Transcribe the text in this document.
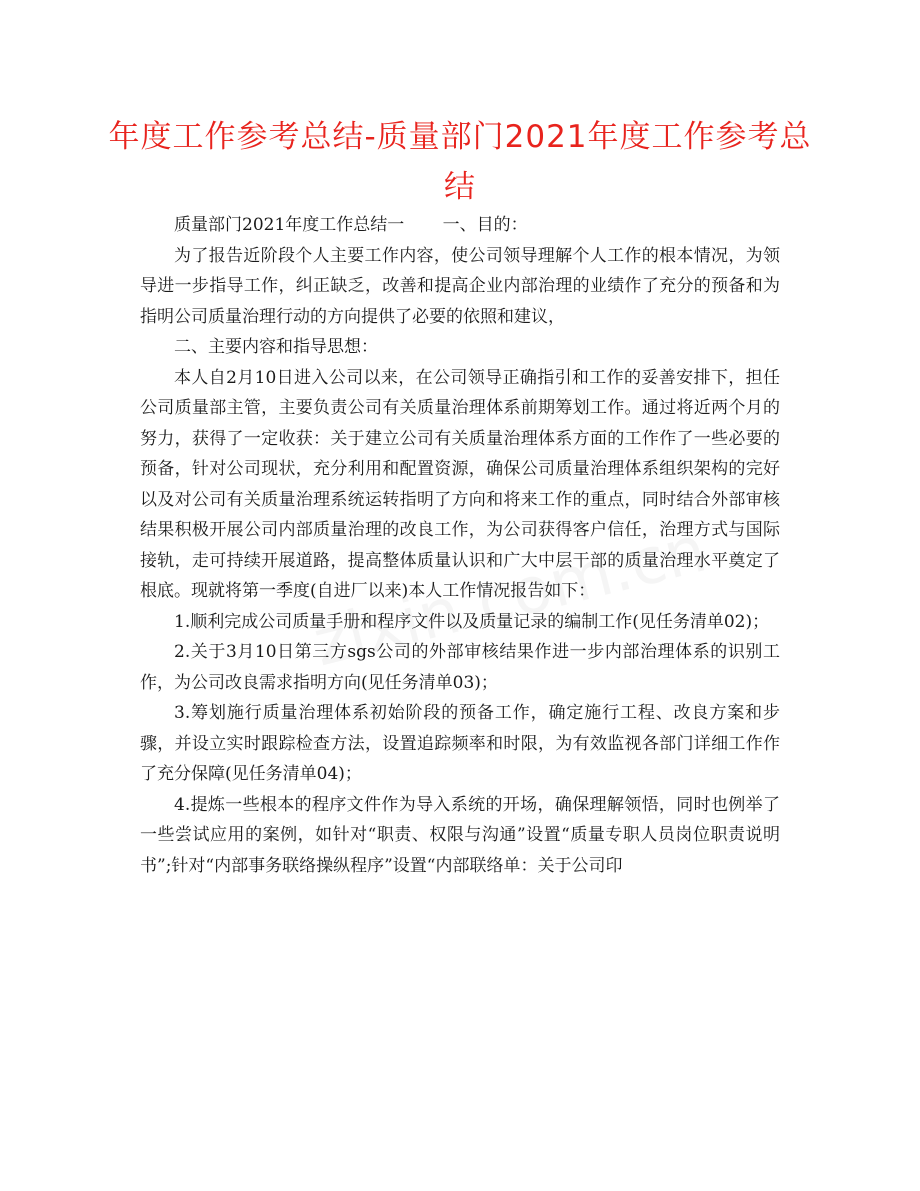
年度工作参考总结-质量部门2021年度工作参考总结

质量部门2021年度工作总结一	一、目的：

为了报告近阶段个人主要工作内容，使公司领导理解个人工作的根本情况，为领导进一步指导工作，纠正缺乏，改善和提高企业内部治理的业绩作了充分的预备和为指明公司质量治理行动的方向提供了必要的依照和建议，

二、主要内容和指导思想：

本人自2月10日进入公司以来，在公司领导正确指引和工作的妥善安排下，担任公司质量部主管，主要负责公司有关质量治理体系前期筹划工作。通过将近两个月的努力，获得了一定收获：关于建立公司有关质量治理体系方面的工作作了一些必要的预备，针对公司现状，充分利用和配置资源，确保公司质量治理体系组织架构的完好以及对公司有关质量治理系统运转指明了方向和将来工作的重点，同时结合外部审核结果积极开展公司内部质量治理的改良工作，为公司获得客户信任，治理方式与国际接轨，走可持续开展道路，提高整体质量认识和广大中层干部的质量治理水平奠定了根底。现就将第一季度(自进厂以来)本人工作情况报告如下：

1.顺利完成公司质量手册和程序文件以及质量记录的编制工作(见任务清单02)；

2.关于3月10日第三方sgs公司的外部审核结果作进一步内部治理体系的识别工作，为公司改良需求指明方向(见任务清单03)；

3.筹划施行质量治理体系初始阶段的预备工作，确定施行工程、改良方案和步骤，并设立实时跟踪检查方法，设置追踪频率和时限，为有效监视各部门详细工作作了充分保障(见任务清单04)；

4.提炼一些根本的程序文件作为导入系统的开场，确保理解领悟，同时也例举了一些尝试应用的案例，如针对“职责、权限与沟通”设置“质量专职人员岗位职责说明书”;针对“内部事务联络操纵程序”设置“内部联络单：关于公司印
